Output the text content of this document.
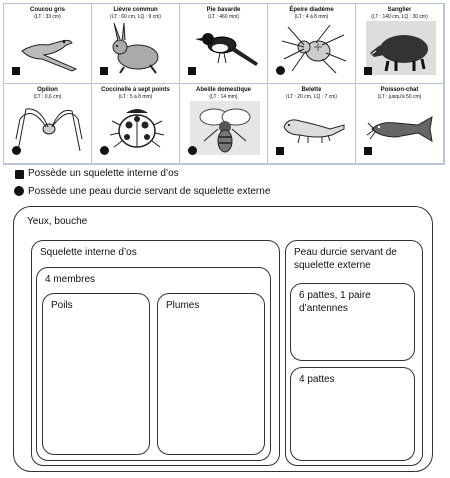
Coucou gris
(LT : 33 cm)
Lièvre commun
(LT : 60 cm, LQ : 9 cm)
Pie bavarde
(LT : 460 mm)
Épeire diadème
(LT : 4 à 8 mm)
Sanglier
(LT : 140 cm, LQ : 30 cm)
Opilion
(LT : 0,6 cm)
Coccinelle à sept points
(LT : 5 à 8 mm)
Abeille domestique
(LT : 14 mm)
Belette
(LT : 20 cm, LQ : 7 cm)
Poisson-chat
(LT : jusqu'à 50 cm)
Possède un squelette interne d’os
Possède une peau durcie servant de squelette externe
Yeux, bouche
Squelette interne d’os
4 membres
Poils	Plumes
Peau durcie servant de squelette externe
6 pattes, 1 paire d’antennes
4 pattes
